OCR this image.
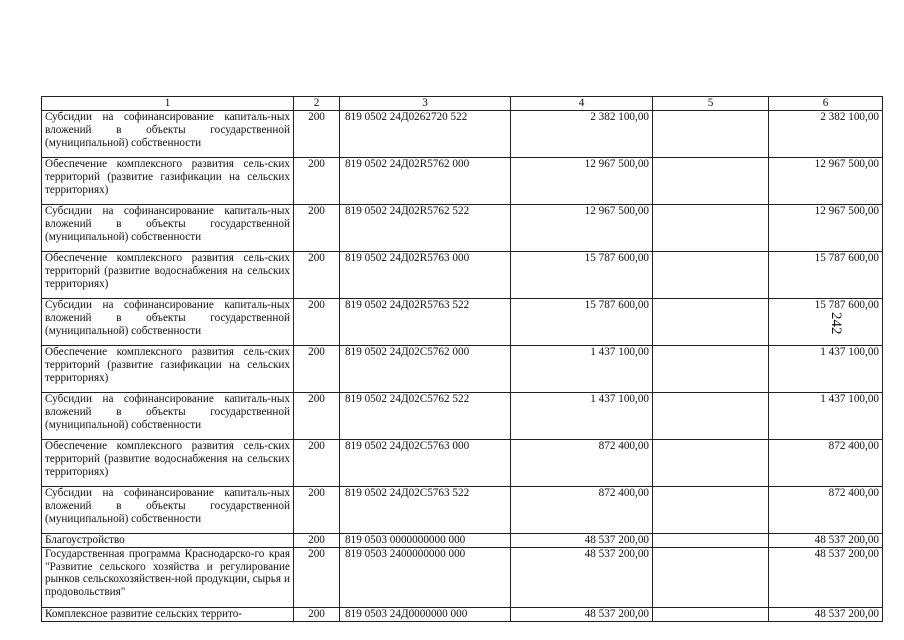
242
1	2	3	4	5	6
Субсидии на софинансирование капиталь-ных вложений в объекты государственной (муниципальной) собственности	200	819 0502 24Д0262720 522	2 382 100,00		2 382 100,00
Обеспечение комплексного развития сель-ских территорий (развитие газификации на сельских территориях)	200	819 0502 24Д02R5762 000	12 967 500,00		12 967 500,00
Субсидии на софинансирование капиталь-ных вложений в объекты государственной (муниципальной) собственности	200	819 0502 24Д02R5762 522	12 967 500,00		12 967 500,00
Обеспечение комплексного развития сель-ских территорий (развитие водоснабжения на сельских территориях)	200	819 0502 24Д02R5763 000	15 787 600,00		15 787 600,00
Субсидии на софинансирование капиталь-ных вложений в объекты государственной (муниципальной) собственности	200	819 0502 24Д02R5763 522	15 787 600,00		15 787 600,00
Обеспечение комплексного развития сель-ских территорий (развитие газификации на сельских территориях)	200	819 0502 24Д02С5762 000	1 437 100,00		1 437 100,00
Субсидии на софинансирование капиталь-ных вложений в объекты государственной (муниципальной) собственности	200	819 0502 24Д02С5762 522	1 437 100,00		1 437 100,00
Обеспечение комплексного развития сель-ских территорий (развитие водоснабжения на сельских территориях)	200	819 0502 24Д02С5763 000	872 400,00		872 400,00
Субсидии на софинансирование капиталь-ных вложений в объекты государственной (муниципальной) собственности	200	819 0502 24Д02С5763 522	872 400,00		872 400,00
Благоустройство	200	819 0503 0000000000 000	48 537 200,00		48 537 200,00
Государственная программа Краснодарско-го края "Развитие сельского хозяйства и регулирование рынков сельскохозяйствен-ной продукции, сырья и продовольствия"	200	819 0503 2400000000 000	48 537 200,00		48 537 200,00
Комплексное развитие сельских террито-	200	819 0503 24Д0000000 000	48 537 200,00		48 537 200,00
